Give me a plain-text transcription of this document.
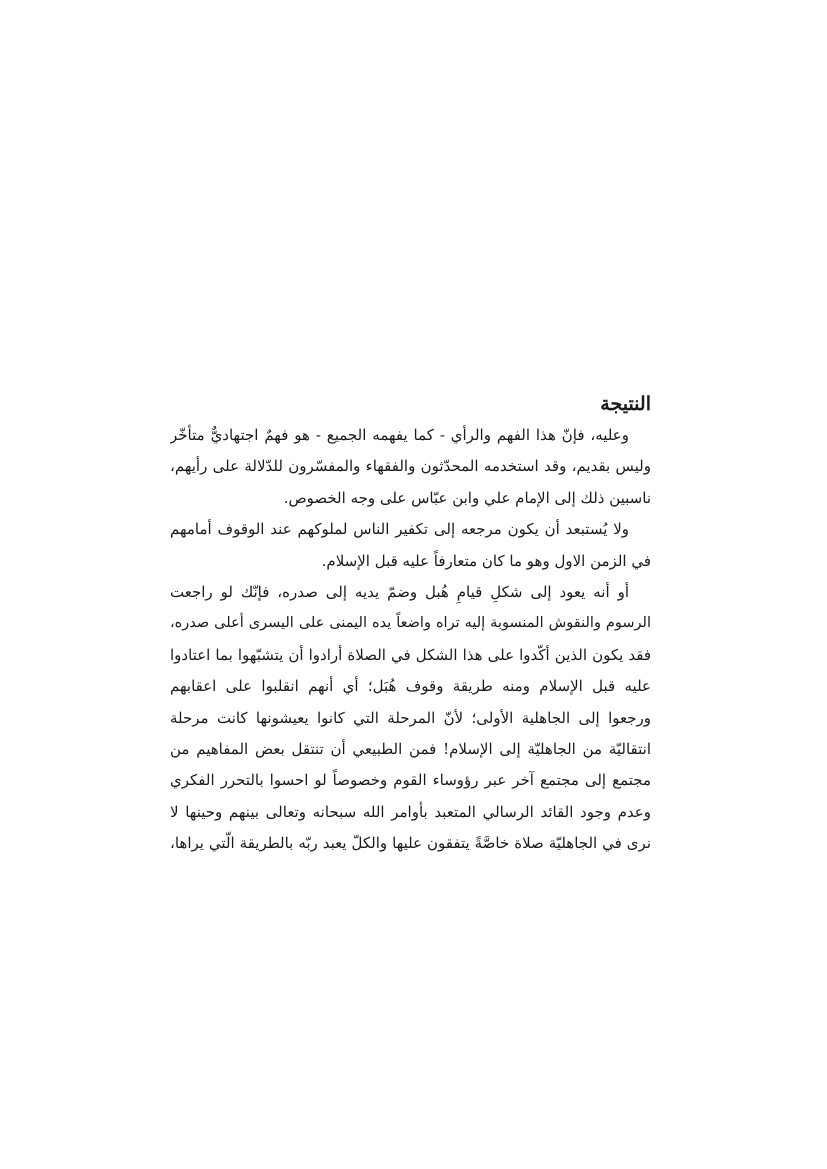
النتيجة

وعليه، فإنّ هذا الفهم والرأي - كما يفهمه الجميع - هو فهمٌ اجتهاديٌّ متأخّر
وليس بقديم، وقد استخدمه المحدّثون والفقهاء والمفسّرون للدّلالة على رأيهم،
ناسبين ذلك إلى الإمام علي وابن عبّاس على وجه الخصوص.

ولا يُستبعد أن يكون مرجعه إلى تكفير الناس لملوكهم عند الوقوف أمامهم
في الزمن الاول وهو ما كان متعارفاً عليه قبل الإسلام.

أو أنه يعود إلى شكلِ قيامِ هُبل وضمّ يديه إلى صدره، فإنّك لو راجعت
الرسوم والنقوش المنسوبة إليه تراه واضعاً يده اليمنى على اليسرى أعلى صدره،
فقد يكون الذين أكّدوا على هذا الشكل في الصلاة أرادوا أن يتشبّهوا بما اعتادوا
عليه قبل الإسلام ومنه طريقة وقوف هُبَل؛ أي أنهم انقلبوا على اعقابهم
ورجعوا إلى الجاهلية الأولى؛ لأنّ المرحلة التي كانوا يعيشونها كانت مرحلة
انتقاليّة من الجاهليّة إلى الإسلام! فمن الطبيعي أن تنتقل بعض المفاهيم من
مجتمع إلى مجتمع آخر عبر رؤوساء القوم وخصوصاً لو احسوا بالتحرر الفكري
وعدم وجود القائد الرسالي المتعبد بأوامر الله سبحانه وتعالى بينهم وحينها لا
نرى في الجاهليّة صلاة خاصَّةً يتفقون عليها والكلّ يعبد ربّه بالطريقة الّتي يراها،
